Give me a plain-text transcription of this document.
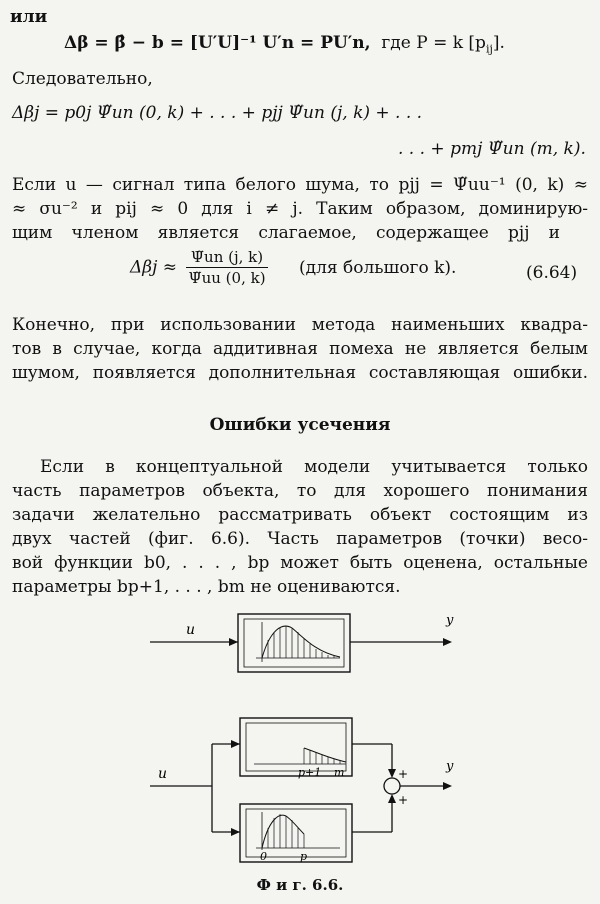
или
Δβ = β̂ − b = [U′U]⁻¹ U′n = PU′n, где P = k $[p_{ij}]$.
Следовательно,
Δβj = p0j Ψ̃un (0, k) + . . . + pjj Ψ̃un (j, k) + . . .
. . . + pmj Ψ̃un (m, k).
Если u — сигнал типа белого шума, то pjj = Ψ̃uu⁻¹ (0, k) ≈
≈ σu⁻² и pij ≈ 0 для i ≠ j. Таким образом, доминирую-
щим членом является слагаемое, содержащее pjj и
$\Delta\beta j \approx \frac{\Psĩun (j, k)}{\Psĩuu (0, k)} (для$ большого k).	(6.64)
Конечно, при использовании метода наименьших квадра-
тов в случае, когда аддитивная помеха не является белым
шумом, появляется дополнительная составляющая ошибки.
Ошибки усечения
Если в концептуальной модели учитывается только
часть параметров объекта, то для хорошего понимания
задачи желательно рассматривать объект состоящим из
двух частей (фиг. 6.6). Часть параметров (точки) весо-
вой функции b0, . . . , bp может быть оценена, остальные
параметры bp+1, . . . , bm не оцениваются.
u
y
u	p+1 m
0	p
+
+
y
Ф и г. 6.6.
